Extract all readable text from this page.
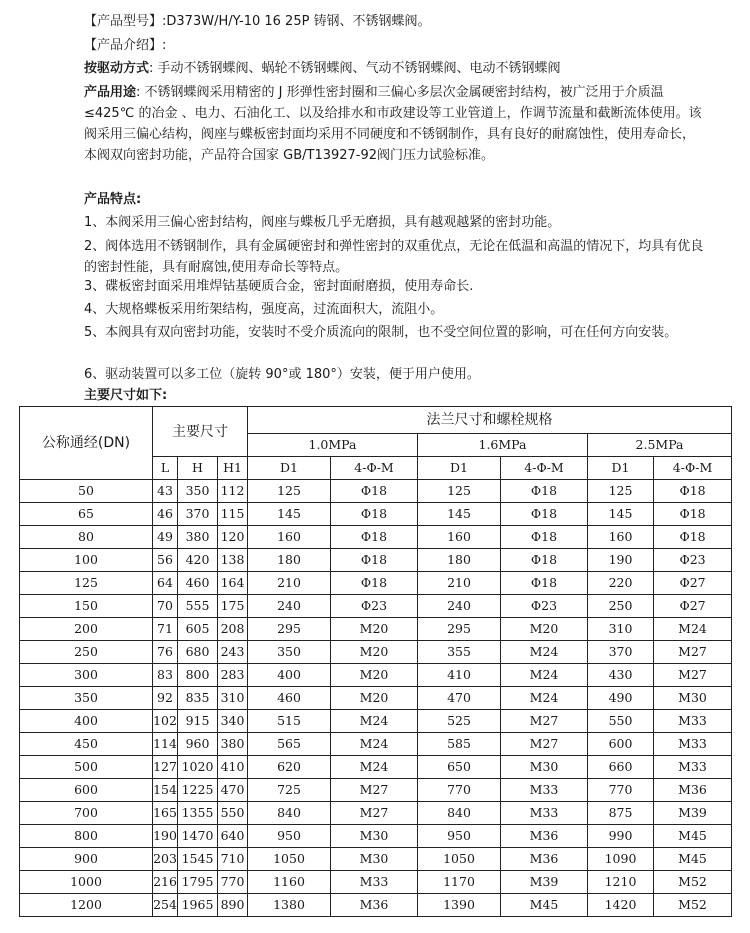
【产品型号】:D373W/H/Y-10 16 25P 铸钢、不锈钢蝶阀。
【产品介绍】:
按驱动方式: 手动不锈钢蝶阀、蜗轮不锈钢蝶阀、气动不锈钢蝶阀、电动不锈钢蝶阀
产品用途: 不锈钢蝶阀采用精密的 J 形弹性密封圈和三偏心多层次金属硬密封结构，被广泛用于介质温≤425℃ 的冶金 、电力、石油化工、以及给排水和市政建设等工业管道上，作调节流量和截断流体使用。该阀采用三偏心结构，阀座与蝶板密封面均采用不同硬度和不锈钢制作，具有良好的耐腐蚀性，使用寿命长，本阀双向密封功能，产品符合国家 GB/T13927-92阀门压力试验标准。
产品特点:
1、本阀采用三偏心密封结构，阀座与蝶板几乎无磨损，具有越观越紧的密封功能。
2、阀体选用不锈钢制作，具有金属硬密封和弹性密封的双重优点，无论在低温和高温的情况下，均具有优良的密封性能，具有耐腐蚀,使用寿命长等特点。
3、碟板密封面采用堆焊钴基硬质合金，密封面耐磨损，使用寿命长.
4、大规格蝶板采用绗架结构，强度高，过流面积大，流阻小。
5、本阀具有双向密封功能，安装时不受介质流向的限制，也不受空间位置的影响，可在任何方向安装。
6、驱动装置可以多工位（旋转 90°或 180°）安装，便于用户使用。
主要尺寸如下:
公称通经(DN)	主要尺寸			法兰尺寸和螺栓规格					
				1.0MPa		1.6MPa		2.5MPa	
	L	H	H1	D1	4-Φ-M	D1	4-Φ-M	D1	4-Φ-M
50	43	350	112	125	Φ18	125	Φ18	125	Φ18
65	46	370	115	145	Φ18	145	Φ18	145	Φ18
80	49	380	120	160	Φ18	160	Φ18	160	Φ18
100	56	420	138	180	Φ18	180	Φ18	190	Φ23
125	64	460	164	210	Φ18	210	Φ18	220	Φ27
150	70	555	175	240	Φ23	240	Φ23	250	Φ27
200	71	605	208	295	M20	295	M20	310	M24
250	76	680	243	350	M20	355	M24	370	M27
300	83	800	283	400	M20	410	M24	430	M27
350	92	835	310	460	M20	470	M24	490	M30
400	102	915	340	515	M24	525	M27	550	M33
450	114	960	380	565	M24	585	M27	600	M33
500	127	1020	410	620	M24	650	M30	660	M33
600	154	1225	470	725	M27	770	M33	770	M36
700	165	1355	550	840	M27	840	M33	875	M39
800	190	1470	640	950	M30	950	M36	990	M45
900	203	1545	710	1050	M30	1050	M36	1090	M45
1000	216	1795	770	1160	M33	1170	M39	1210	M52
1200	254	1965	890	1380	M36	1390	M45	1420	M52
